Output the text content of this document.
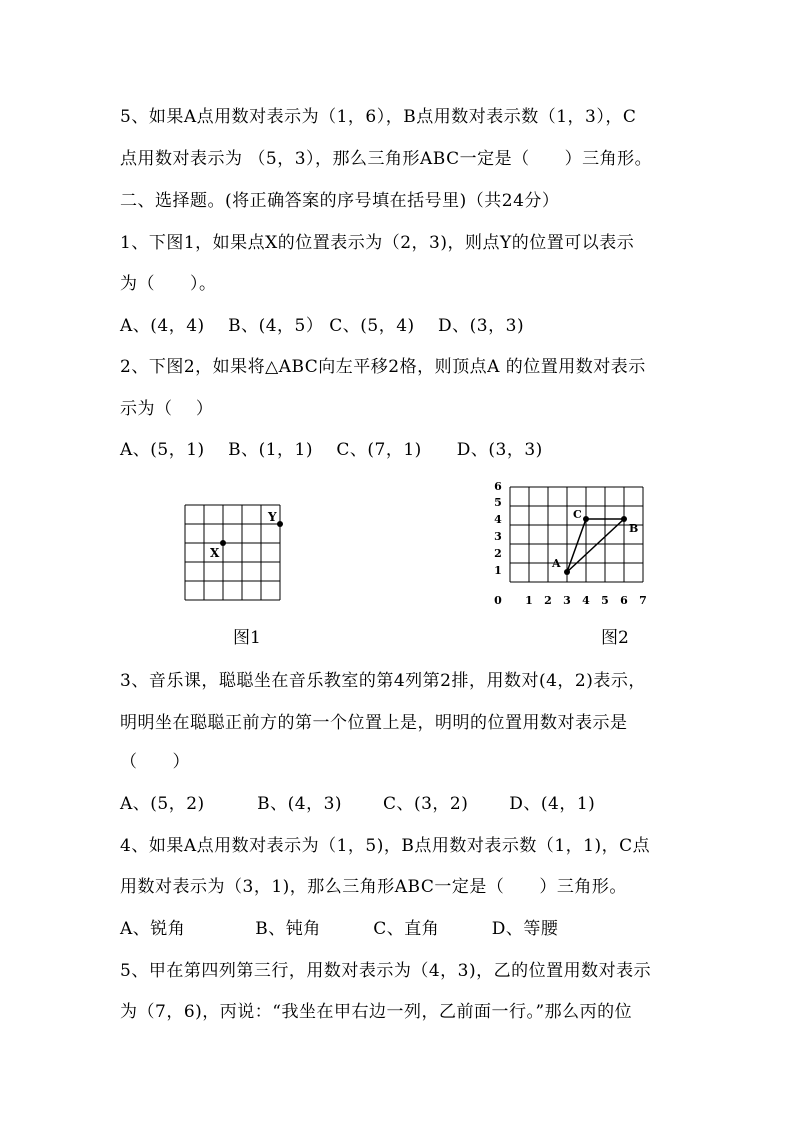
5、如果A点用数对表示为（1，6），B点用数对表示数（1，3），C
点用数对表示为 （5，3），那么三角形ABC一定是（　　）三角形。
二、选择题。(将正确答案的序号填在括号里)（共24分）
1、下图1，如果点X的位置表示为（2，3)，则点Y的位置可以表示
为（　　）。
A、(4，4)　 B、(4，5） C、(5，4)　 D、(3，3)
2、下图2，如果将△ABC向左平移2格，则顶点A 的位置用数对表示
示为（　 ）
A、(5，1)　 B、(1，1)　 C、(7，1)　　D、(3，3)
X
Y
图1
6
5
4
3
2
1
0 1 2 3 4 5 6 7
A
C
B
图2
3、音乐课，聪聪坐在音乐教室的第4列第2排，用数对(4，2)表示，
明明坐在聪聪正前方的第一个位置上是，明明的位置用数对表示是
（　　）
A、(5，2)　　　B、(4，3)　　 C、(3，2)　　 D、(4，1)
4、如果A点用数对表示为（1，5)，B点用数对表示数（1，1)，C点
用数对表示为（3，1)，那么三角形ABC一定是（　　）三角形。
A、锐角　　　　B、钝角　　　C、直角　　　D、等腰
5、甲在第四列第三行，用数对表示为（4，3)，乙的位置用数对表示
为（7，6)，丙说：“我坐在甲右边一列，乙前面一行。”那么丙的位
